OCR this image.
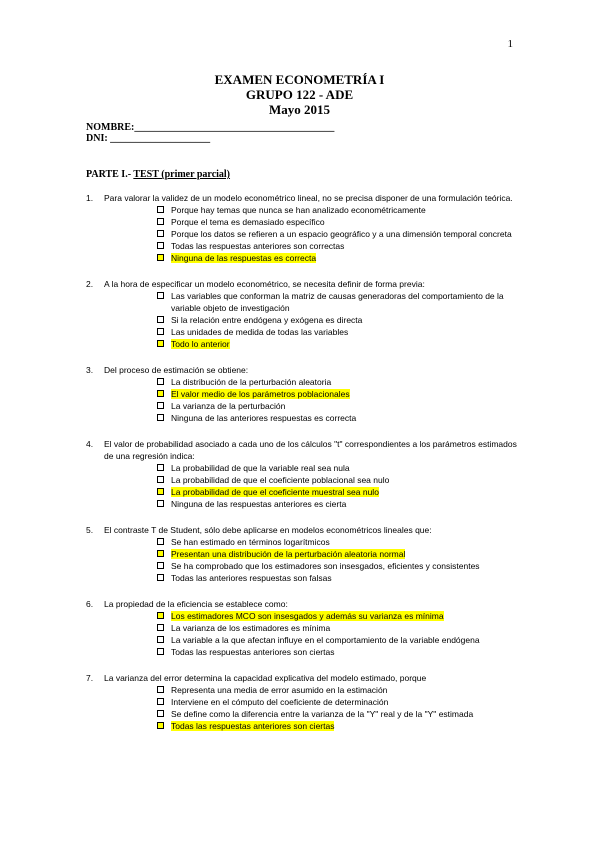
1
EXAMEN ECONOMETRÍA I
GRUPO 122 - ADE
Mayo 2015
NOMBRE:________________________________________
DNI: ____________________
PARTE I.- TEST (primer parcial)
1.	Para valorar la validez de un modelo econométrico lineal, no se precisa disponer de una formulación teórica.
Porque hay temas que nunca se han analizado econométricamente
Porque el tema es demasiado específico
Porque los datos se refieren a un espacio geográfico y a una dimensión temporal concreta
Todas las respuestas anteriores son correctas
Ninguna de las respuestas es correcta
2.	A la hora de especificar un modelo econométrico, se necesita definir de forma previa:
Las variables que conforman la matriz de causas generadoras del comportamiento de la variable objeto de investigación
Si la relación entre endógena y exógena es directa
Las unidades de medida de todas las variables
Todo lo anterior
3.	Del proceso de estimación se obtiene:
La distribución de la perturbación aleatoria
El valor medio de los parámetros poblacionales
La varianza de la perturbación
Ninguna de las anteriores respuestas es correcta
4.	El valor de probabilidad asociado a cada uno de los cálculos "t" correspondientes a los parámetros estimados de una regresión indica:
La probabilidad de que la variable real sea nula
La probabilidad de que el coeficiente poblacional sea nulo
La probabilidad de que el coeficiente muestral sea nulo
Ninguna de las respuestas anteriores es cierta
5.	El contraste T de Student, sólo debe aplicarse en modelos econométricos lineales que:
Se han estimado en términos logarítmicos
Presentan una distribución de la perturbación aleatoria normal
Se ha comprobado que los estimadores son insesgados, eficientes y consistentes
Todas las anteriores respuestas son falsas
6.	La propiedad de la eficiencia se establece como:
Los estimadores MCO son insesgados y además su varianza es mínima
La varianza de los estimadores es mínima
La variable a la que afectan influye en el comportamiento de la variable endógena
Todas las respuestas anteriores son ciertas
7.	La varianza del error determina la capacidad explicativa del modelo estimado, porque
Representa una media de error asumido en la estimación
Interviene en el cómputo del coeficiente de determinación
Se define como la diferencia entre la varianza de la "Y" real y de la "Y" estimada
Todas las respuestas anteriores son ciertas
